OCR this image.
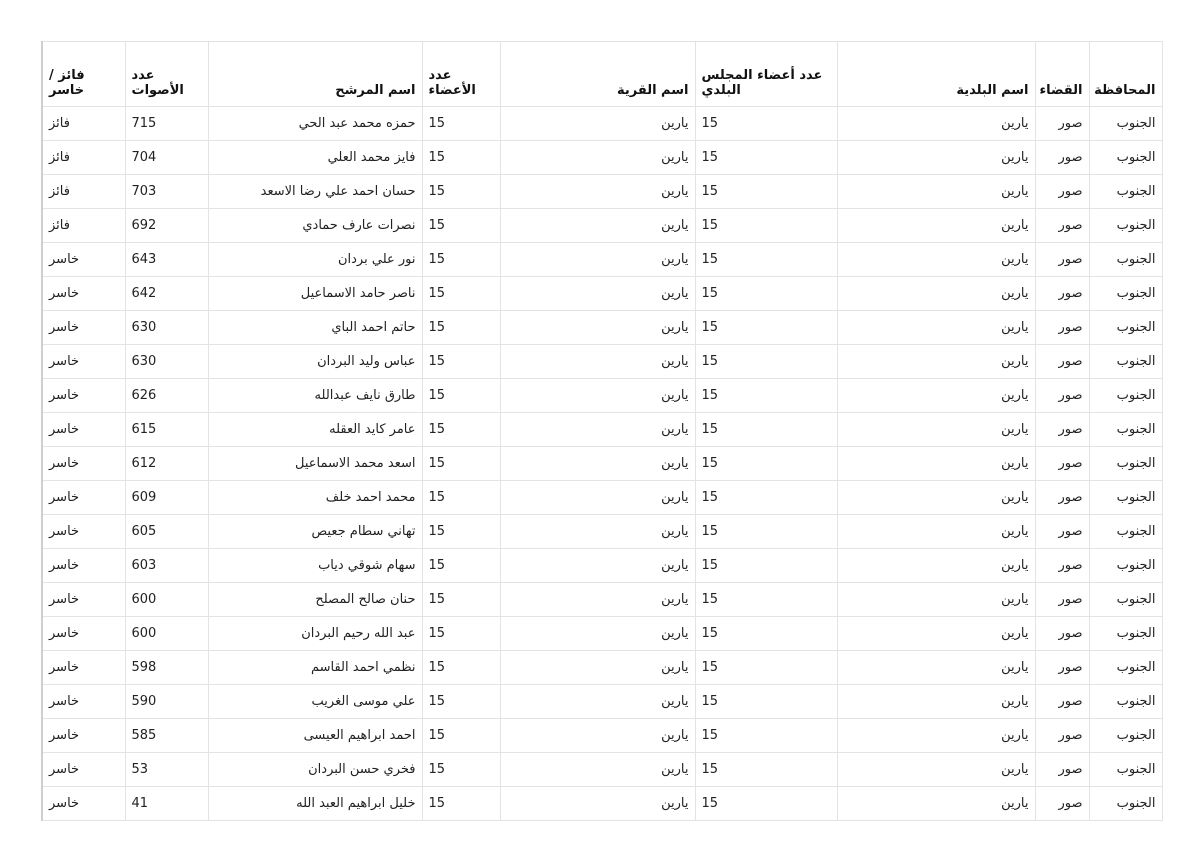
المحافظة	القضاء	اسم البلدية	عدد أعضاء المجلس البلدي	اسم القرية	عدد الأعضاء	اسم المرشح	عدد الأصوات	فائز / خاسر
الجنوب	صور	يارين	15	يارين	15	حمزه محمد عبد الحي	715	فائز
الجنوب	صور	يارين	15	يارين	15	فايز محمد العلي	704	فائز
الجنوب	صور	يارين	15	يارين	15	حسان احمد علي رضا الاسعد	703	فائز
الجنوب	صور	يارين	15	يارين	15	نصرات عارف حمادي	692	فائز
الجنوب	صور	يارين	15	يارين	15	نور علي بردان	643	خاسر
الجنوب	صور	يارين	15	يارين	15	ناصر حامد الاسماعيل	642	خاسر
الجنوب	صور	يارين	15	يارين	15	حاتم احمد الباي	630	خاسر
الجنوب	صور	يارين	15	يارين	15	عباس وليد البردان	630	خاسر
الجنوب	صور	يارين	15	يارين	15	طارق نايف عبدالله	626	خاسر
الجنوب	صور	يارين	15	يارين	15	عامر كايد العقله	615	خاسر
الجنوب	صور	يارين	15	يارين	15	اسعد محمد الاسماعيل	612	خاسر
الجنوب	صور	يارين	15	يارين	15	محمد احمد خلف	609	خاسر
الجنوب	صور	يارين	15	يارين	15	تهاني سطام جعيص	605	خاسر
الجنوب	صور	يارين	15	يارين	15	سهام شوقي دياب	603	خاسر
الجنوب	صور	يارين	15	يارين	15	حنان صالح المصلح	600	خاسر
الجنوب	صور	يارين	15	يارين	15	عبد الله رحيم البردان	600	خاسر
الجنوب	صور	يارين	15	يارين	15	نظمي احمد القاسم	598	خاسر
الجنوب	صور	يارين	15	يارين	15	علي موسى الغريب	590	خاسر
الجنوب	صور	يارين	15	يارين	15	احمد ابراهيم العيسى	585	خاسر
الجنوب	صور	يارين	15	يارين	15	فخري حسن البردان	53	خاسر
الجنوب	صور	يارين	15	يارين	15	خليل ابراهيم العبد الله	41	خاسر
